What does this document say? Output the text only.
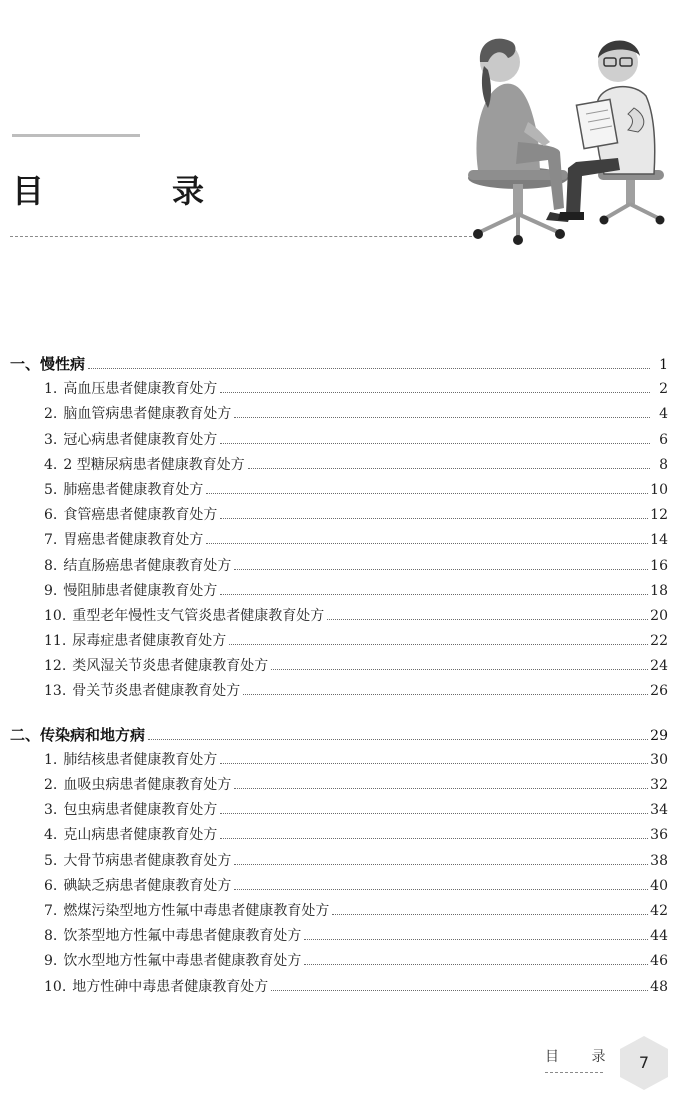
目　录
一、慢性病	1
1. 高血压患者健康教育处方	2
2. 脑血管病患者健康教育处方	4
3. 冠心病患者健康教育处方	6
4. 2 型糖尿病患者健康教育处方	8
5. 肺癌患者健康教育处方	10
6. 食管癌患者健康教育处方	12
7. 胃癌患者健康教育处方	14
8. 结直肠癌患者健康教育处方	16
9. 慢阻肺患者健康教育处方	18
10. 重型老年慢性支气管炎患者健康教育处方	20
11. 尿毒症患者健康教育处方	22
12. 类风湿关节炎患者健康教育处方	24
13. 骨关节炎患者健康教育处方	26
二、传染病和地方病	29
1. 肺结核患者健康教育处方	30
2. 血吸虫病患者健康教育处方	32
3. 包虫病患者健康教育处方	34
4. 克山病患者健康教育处方	36
5. 大骨节病患者健康教育处方	38
6. 碘缺乏病患者健康教育处方	40
7. 燃煤污染型地方性氟中毒患者健康教育处方	42
8. 饮茶型地方性氟中毒患者健康教育处方	44
9. 饮水型地方性氟中毒患者健康教育处方	46
10. 地方性砷中毒患者健康教育处方	48
目 录	7
